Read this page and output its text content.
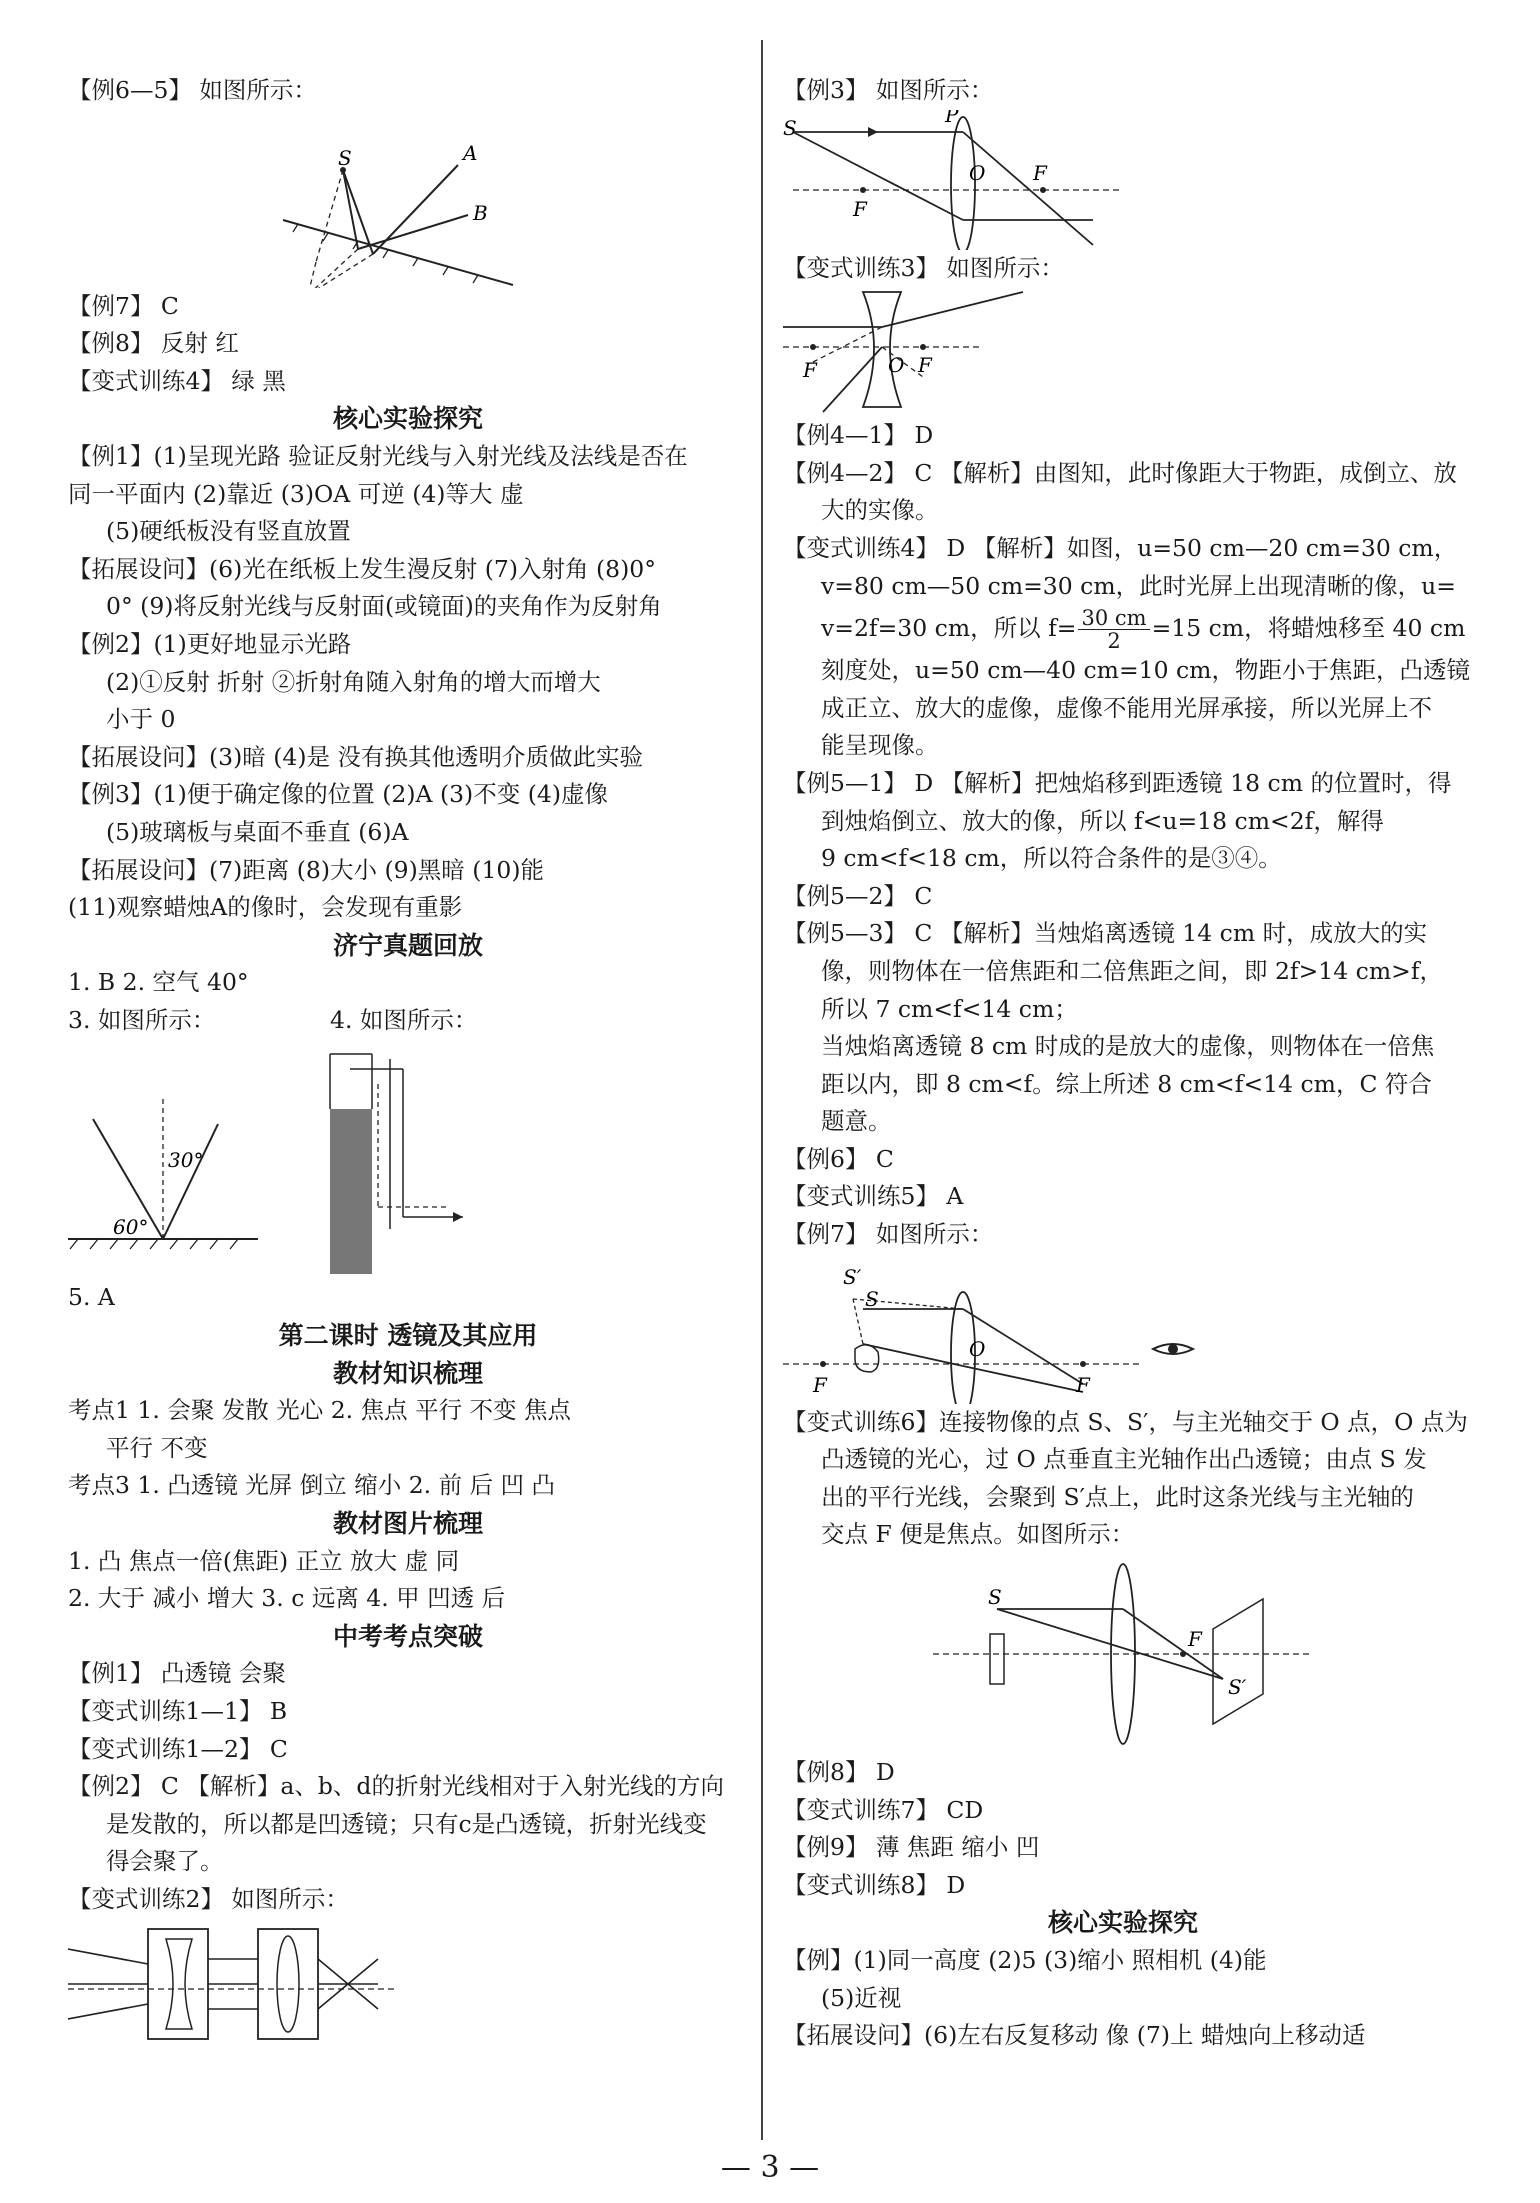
【例6—5】 如图所示：
S	A
B
【例7】 C
【例8】 反射 红
【变式训练4】 绿 黑
核心实验探究
【例1】(1)呈现光路 验证反射光线与入射光线及法线是否在
同一平面内 (2)靠近 (3)OA 可逆 (4)等大 虚
(5)硬纸板没有竖直放置
【拓展设问】(6)光在纸板上发生漫反射 (7)入射角 (8)0°
0° (9)将反射光线与反射面(或镜面)的夹角作为反射角
【例2】(1)更好地显示光路
(2)①反射 折射 ②折射角随入射角的增大而增大
小于 0
【拓展设问】(3)暗 (4)是 没有换其他透明介质做此实验
【例3】(1)便于确定像的位置 (2)A (3)不变 (4)虚像
(5)玻璃板与桌面不垂直 (6)A
【拓展设问】(7)距离 (8)大小 (9)黑暗 (10)能
(11)观察蜡烛A的像时，会发现有重影
济宁真题回放
1. B 2. 空气 40°
3. 如图所示：	4. 如图所示：
30°
60°
5. A
第二课时 透镜及其应用
教材知识梳理
考点1 1. 会聚 发散 光心 2. 焦点 平行 不变 焦点
平行 不变
考点3 1. 凸透镜 光屏 倒立 缩小 2. 前 后 凹 凸
教材图片梳理
1. 凸 焦点一倍(焦距) 正立 放大 虚 同
2. 大于 减小 增大 3. c 远离 4. 甲 凹透 后
中考考点突破
【例1】 凸透镜 会聚
【变式训练1—1】 B
【变式训练1—2】 C
【例2】 C 【解析】a、b、d的折射光线相对于入射光线的方向
是发散的，所以都是凹透镜；只有c是凸透镜，折射光线变
得会聚了。
【变式训练2】 如图所示：
【例3】 如图所示：
S
P
O
F
F
【变式训练3】 如图所示：
F	O F
【例4—1】 D
【例4—2】 C 【解析】由图知，此时像距大于物距，成倒立、放
大的实像。
【变式训练4】 D 【解析】如图，u=50 cm—20 cm=30 cm，
v=80 cm—50 cm=30 cm，此时光屏上出现清晰的像，u=
v=2f=30 cm，所以 $f= \frac{30 cm}{2} =15$ cm，将蜡烛移至 40 cm
刻度处，u=50 cm—40 cm=10 cm，物距小于焦距，凸透镜
成正立、放大的虚像，虚像不能用光屏承接，所以光屏上不
能呈现像。
【例5—1】 D 【解析】把烛焰移到距透镜 18 cm 的位置时，得
到烛焰倒立、放大的像，所以 f<u=18 cm<2f，解得
9 cm<f<18 cm，所以符合条件的是③④。
【例5—2】 C
【例5—3】 C 【解析】当烛焰离透镜 14 cm 时，成放大的实
像，则物体在一倍焦距和二倍焦距之间，即 2f>14 cm>f，
所以 7 cm<f<14 cm；
当烛焰离透镜 8 cm 时成的是放大的虚像，则物体在一倍焦
距以内，即 8 cm<f。综上所述 8 cm<f<14 cm，C 符合
题意。
【例6】 C
【变式训练5】 A
【例7】 如图所示：
S′
S
O
F	F
【变式训练6】连接物像的点 S、S′，与主光轴交于 O 点，O 点为
凸透镜的光心，过 O 点垂直主光轴作出凸透镜；由点 S 发
出的平行光线，会聚到 S′点上，此时这条光线与主光轴的
交点 F 便是焦点。如图所示：
S
F
S′
【例8】 D
【变式训练7】 CD
【例9】 薄 焦距 缩小 凹
【变式训练8】 D
核心实验探究
【例】(1)同一高度 (2)5 (3)缩小 照相机 (4)能
(5)近视
【拓展设问】(6)左右反复移动 像 (7)上 蜡烛向上移动适
— 3 —
